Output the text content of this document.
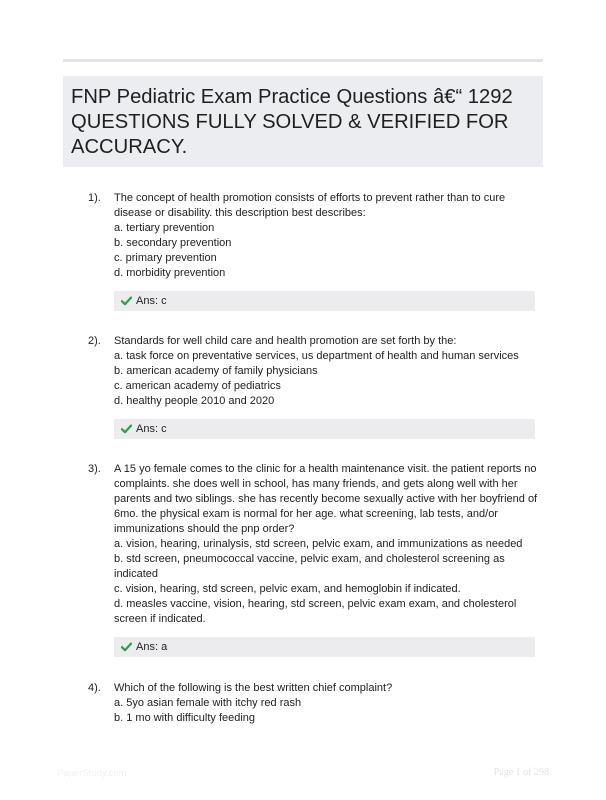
FNP Pediatric Exam Practice Questions â€“ 1292 QUESTIONS FULLY SOLVED & VERIFIED FOR ACCURACY.
1). The concept of health promotion consists of efforts to prevent rather than to cure disease or disability. this description best describes:

a. tertiary prevention

b. secondary prevention

c. primary prevention

d. morbidity prevention

Ans: c
2). Standards for well child care and health promotion are set forth by the:

a. task force on preventative services, us department of health and human services

b. american academy of family physicians

c. american academy of pediatrics

d. healthy people 2010 and 2020

Ans: c
3). A 15 yo female comes to the clinic for a health maintenance visit. the patient reports no complaints. she does well in school, has many friends, and gets along well with her parents and two siblings. she has recently become sexually active with her boyfriend of 6mo. the physical exam is normal for her age. what screening, lab tests, and/or immunizations should the pnp order?

a. vision, hearing, urinalysis, std screen, pelvic exam, and immunizations as needed

b. std screen, pneumococcal vaccine, pelvic exam, and cholesterol screening as indicated

c. vision, hearing, std screen, pelvic exam, and hemoglobin if indicated.

d. measles vaccine, vision, hearing, std screen, pelvic exam exam, and cholesterol screen if indicated.

Ans: a
4). Which of the following is the best written chief complaint?

a. 5yo asian female with itchy red rash

b. 1 mo with difficulty feeding

PaperStudy.com	Page 1 of 298
